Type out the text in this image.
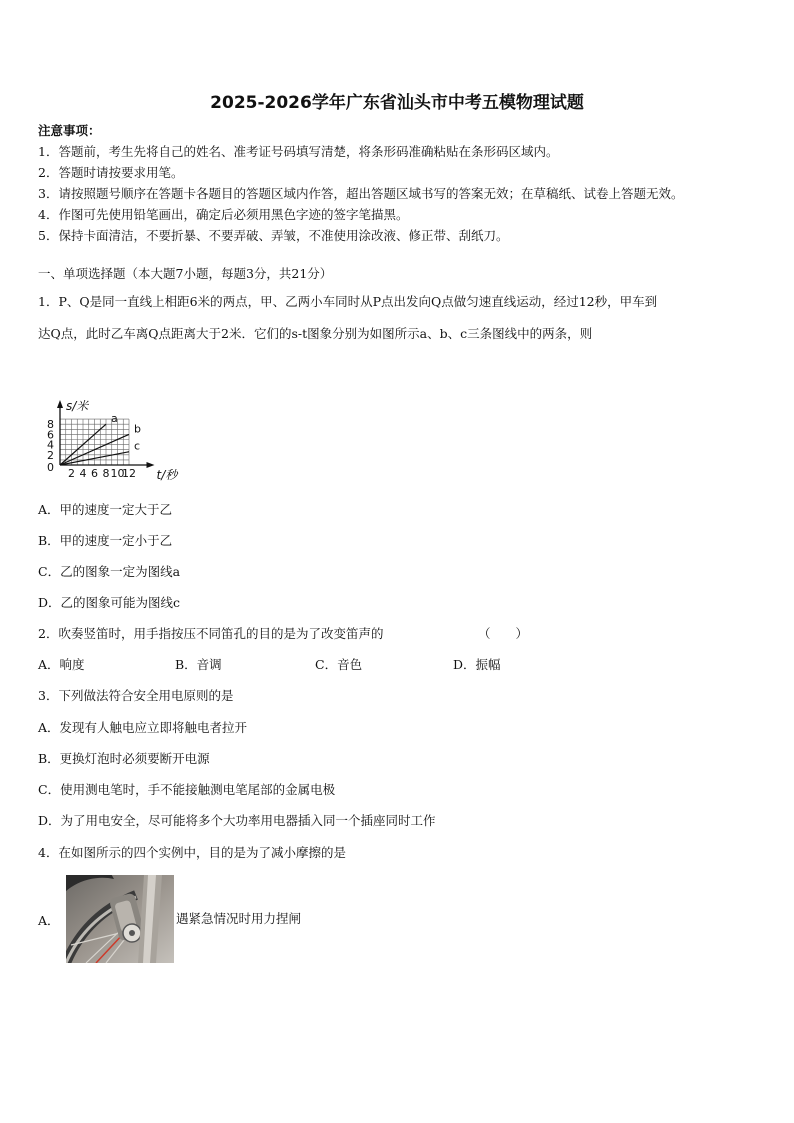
2025-2026学年广东省汕头市中考五模物理试题
注意事项：
1．答题前，考生先将自己的姓名、准考证号码填写清楚，将条形码准确粘贴在条形码区域内。
2．答题时请按要求用笔。
3．请按照题号顺序在答题卡各题目的答题区域内作答，超出答题区域书写的答案无效；在草稿纸、试卷上答题无效。
4．作图可先使用铅笔画出，确定后必须用黑色字迹的签字笔描黑。
5．保持卡面清洁，不要折暴、不要弄破、弄皱，不准使用涂改液、修正带、刮纸刀。
一、单项选择题（本大题7小题，每题3分，共21分）
1．P、Q是同一直线上相距6米的两点，甲、乙两小车同时从P点出发向Q点做匀速直线运动，经过12秒，甲车到
达Q点，此时乙车离Q点距离大于2米．它们的s-t图象分别为如图所示a、b、c三条图线中的两条，则
2 4 6 8 10
12
2
4
6
8
0
s/米
t/秒
a
b
c
A．甲的速度一定大于乙
B．甲的速度一定小于乙
C．乙的图象一定为图线a
D．乙的图象可能为图线c
2．吹奏竖笛时，用手指按压不同笛孔的目的是为了改变笛声的	（　　）
A．响度	B．音调	C．音色	D．振幅
3．下列做法符合安全用电原则的是
A．发现有人触电应立即将触电者拉开
B．更换灯泡时必须要断开电源
C．使用测电笔时，手不能接触测电笔尾部的金属电极
D．为了用电安全，尽可能将多个大功率用电器插入同一个插座同时工作
4．在如图所示的四个实例中，目的是为了减小摩擦的是
A．	遇紧急情况时用力捏闸
